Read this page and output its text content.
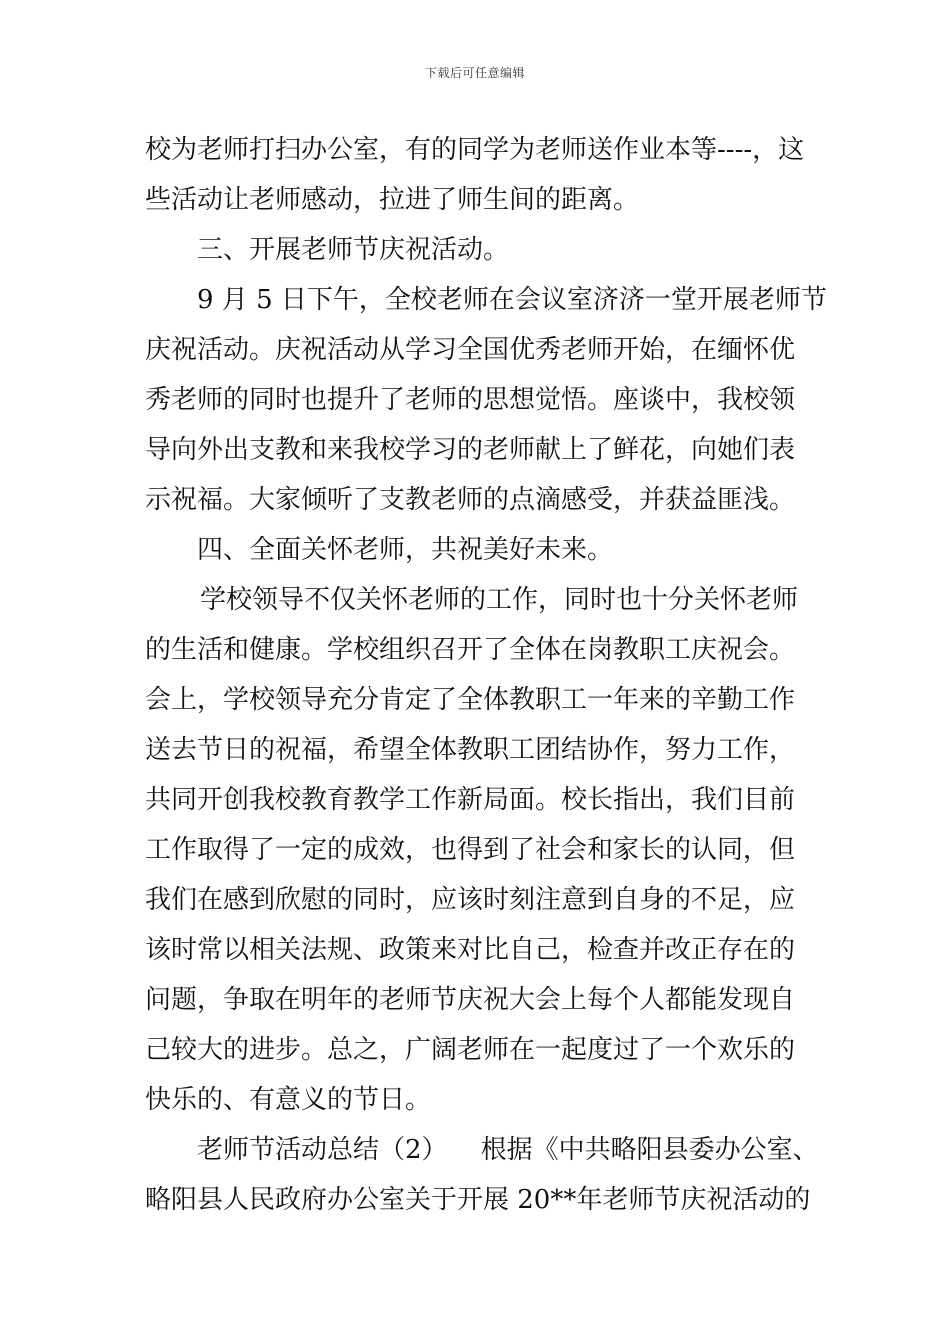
下载后可任意编辑
校为老师打扫办公室，有的同学为老师送作业本等----，这
些活动让老师感动，拉进了师生间的距离。
三、开展老师节庆祝活动。
9 月 5 日下午，全校老师在会议室济济一堂开展老师节
庆祝活动。庆祝活动从学习全国优秀老师开始，在缅怀优
秀老师的同时也提升了老师的思想觉悟。座谈中，我校领
导向外出支教和来我校学习的老师献上了鲜花，向她们表
示祝福。大家倾听了支教老师的点滴感受，并获益匪浅。
四、全面关怀老师，共祝美好未来。
学校领导不仅关怀老师的工作，同时也十分关怀老师
的生活和健康。学校组织召开了全体在岗教职工庆祝会。
会上，学校领导充分肯定了全体教职工一年来的辛勤工作
送去节日的祝福，希望全体教职工团结协作，努力工作，
共同开创我校教育教学工作新局面。校长指出，我们目前
工作取得了一定的成效，也得到了社会和家长的认同，但
我们在感到欣慰的同时，应该时刻注意到自身的不足，应
该时常以相关法规、政策来对比自己，检查并改正存在的
问题，争取在明年的老师节庆祝大会上每个人都能发现自
己较大的进步。总之，广阔老师在一起度过了一个欢乐的
快乐的、有意义的节日。
老师节活动总结（2）    根据《中共略阳县委办公室、
略阳县人民政府办公室关于开展 20**年老师节庆祝活动的
